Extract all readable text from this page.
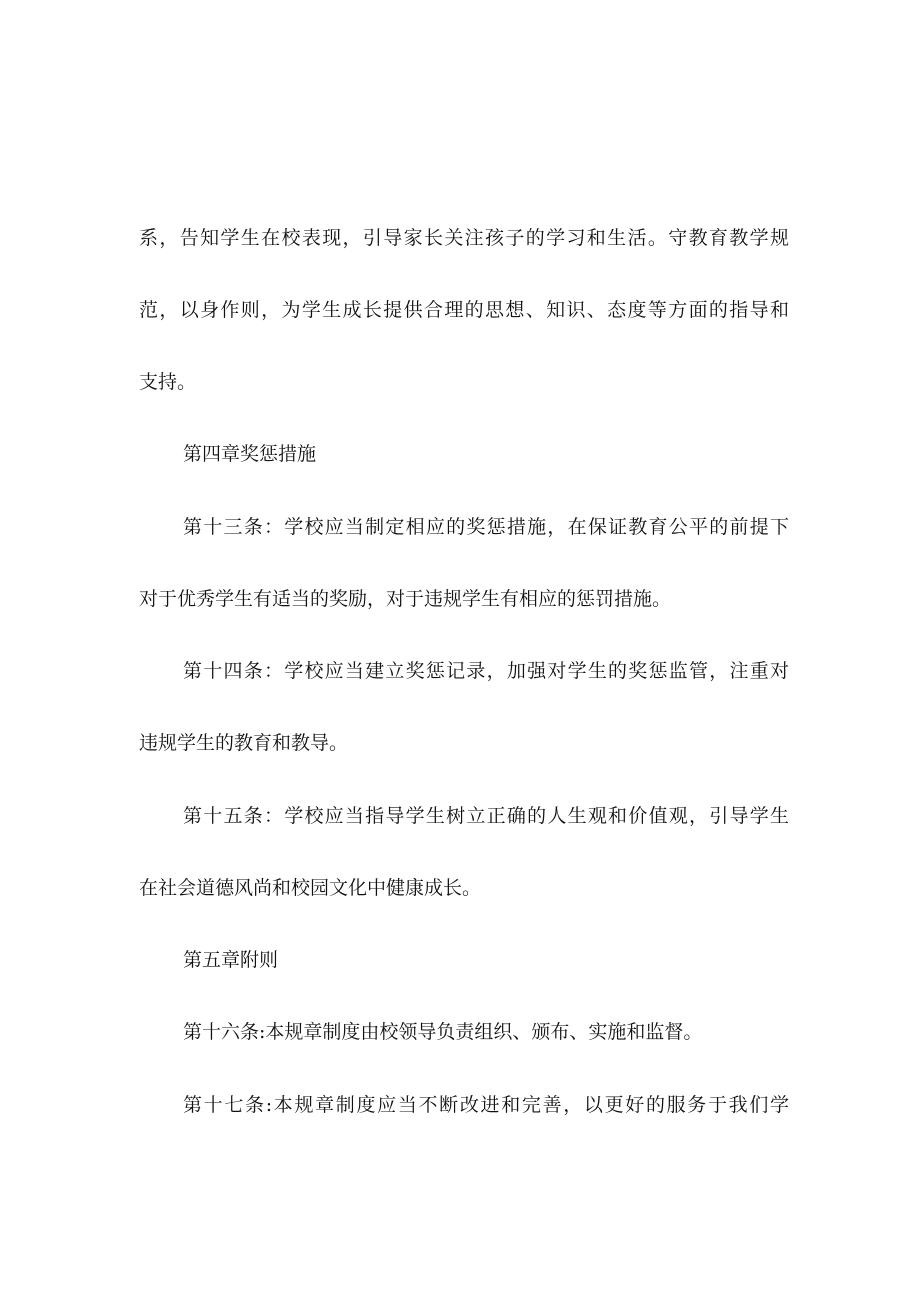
系，告知学生在校表现，引导家长关注孩子的学习和生活。守教育教学规
范，以身作则，为学生成长提供合理的思想、知识、态度等方面的指导和
支持。
第四章奖惩措施
第十三条：学校应当制定相应的奖惩措施，在保证教育公平的前提下
对于优秀学生有适当的奖励，对于违规学生有相应的惩罚措施。
第十四条：学校应当建立奖惩记录，加强对学生的奖惩监管，注重对
违规学生的教育和教导。
第十五条：学校应当指导学生树立正确的人生观和价值观，引导学生
在社会道德风尚和校园文化中健康成长。
第五章附则
第十六条:本规章制度由校领导负责组织、颁布、实施和监督。
第十七条:本规章制度应当不断改进和完善，以更好的服务于我们学
